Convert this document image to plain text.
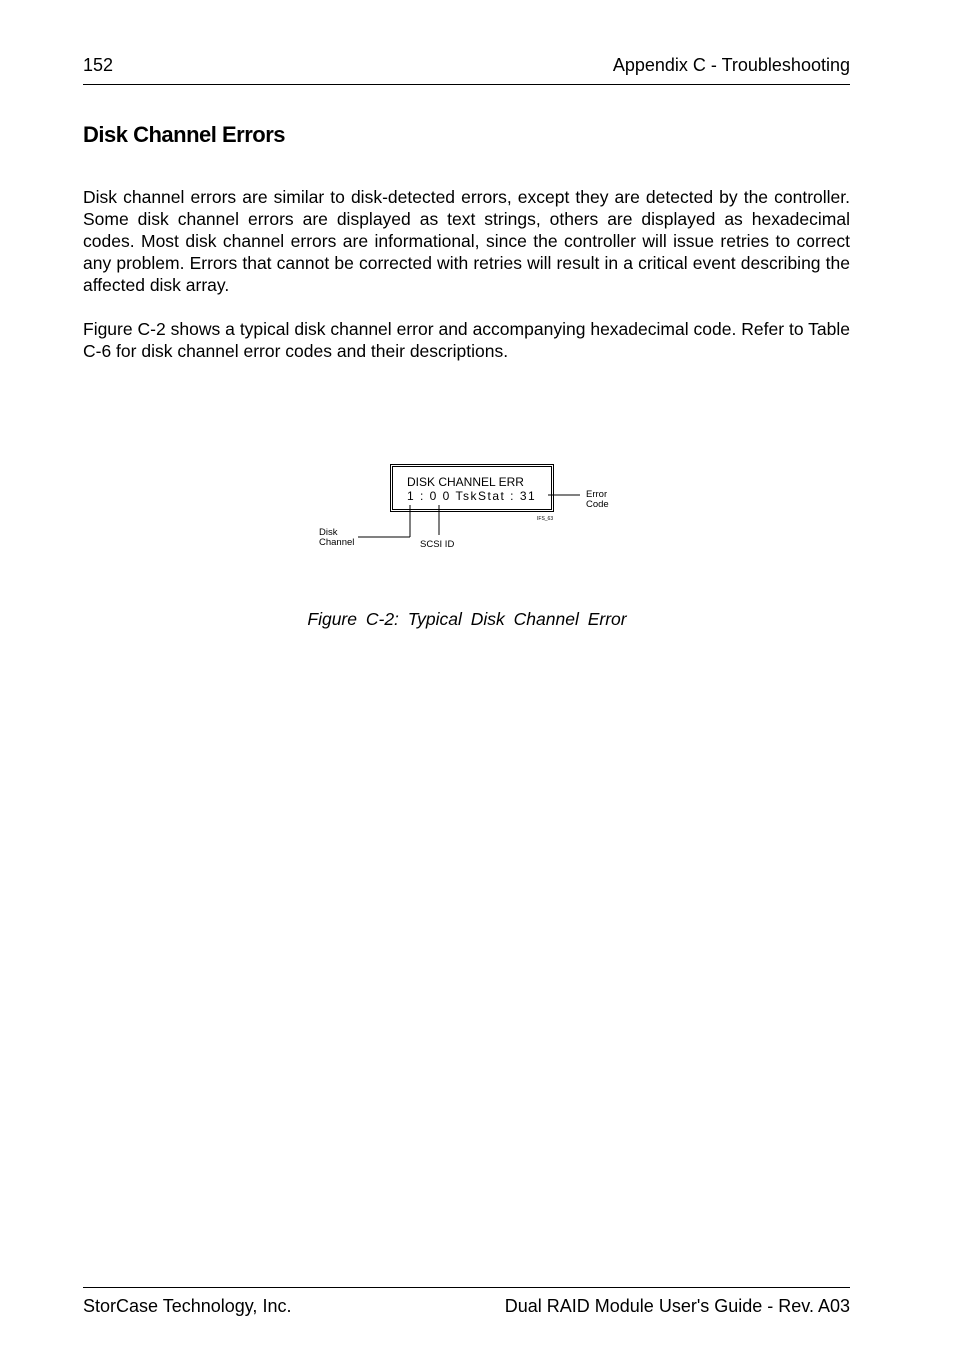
152	Appendix C - Troubleshooting
Disk Channel Errors

Disk channel errors are similar to disk-detected errors, except they are detected by the controller. Some disk channel errors are displayed as text strings, others are displayed as hexadecimal codes. Most disk channel errors are informational, since the controller will issue retries to correct any problem. Errors that cannot be corrected with retries will result in a critical event describing the affected disk array.

Figure C-2 shows a typical disk channel error and accompanying hexadecimal code. Refer to Table C-6 for disk channel error codes and their descriptions.

DISK CHANNEL ERR
1 : 0 0 TskStat : 31
IFS_63
Error
Code
Disk
Channel	SCSI ID
Figure C-2: Typical Disk Channel Error
StorCase Technology, Inc.	Dual RAID Module User's Guide - Rev. A03
